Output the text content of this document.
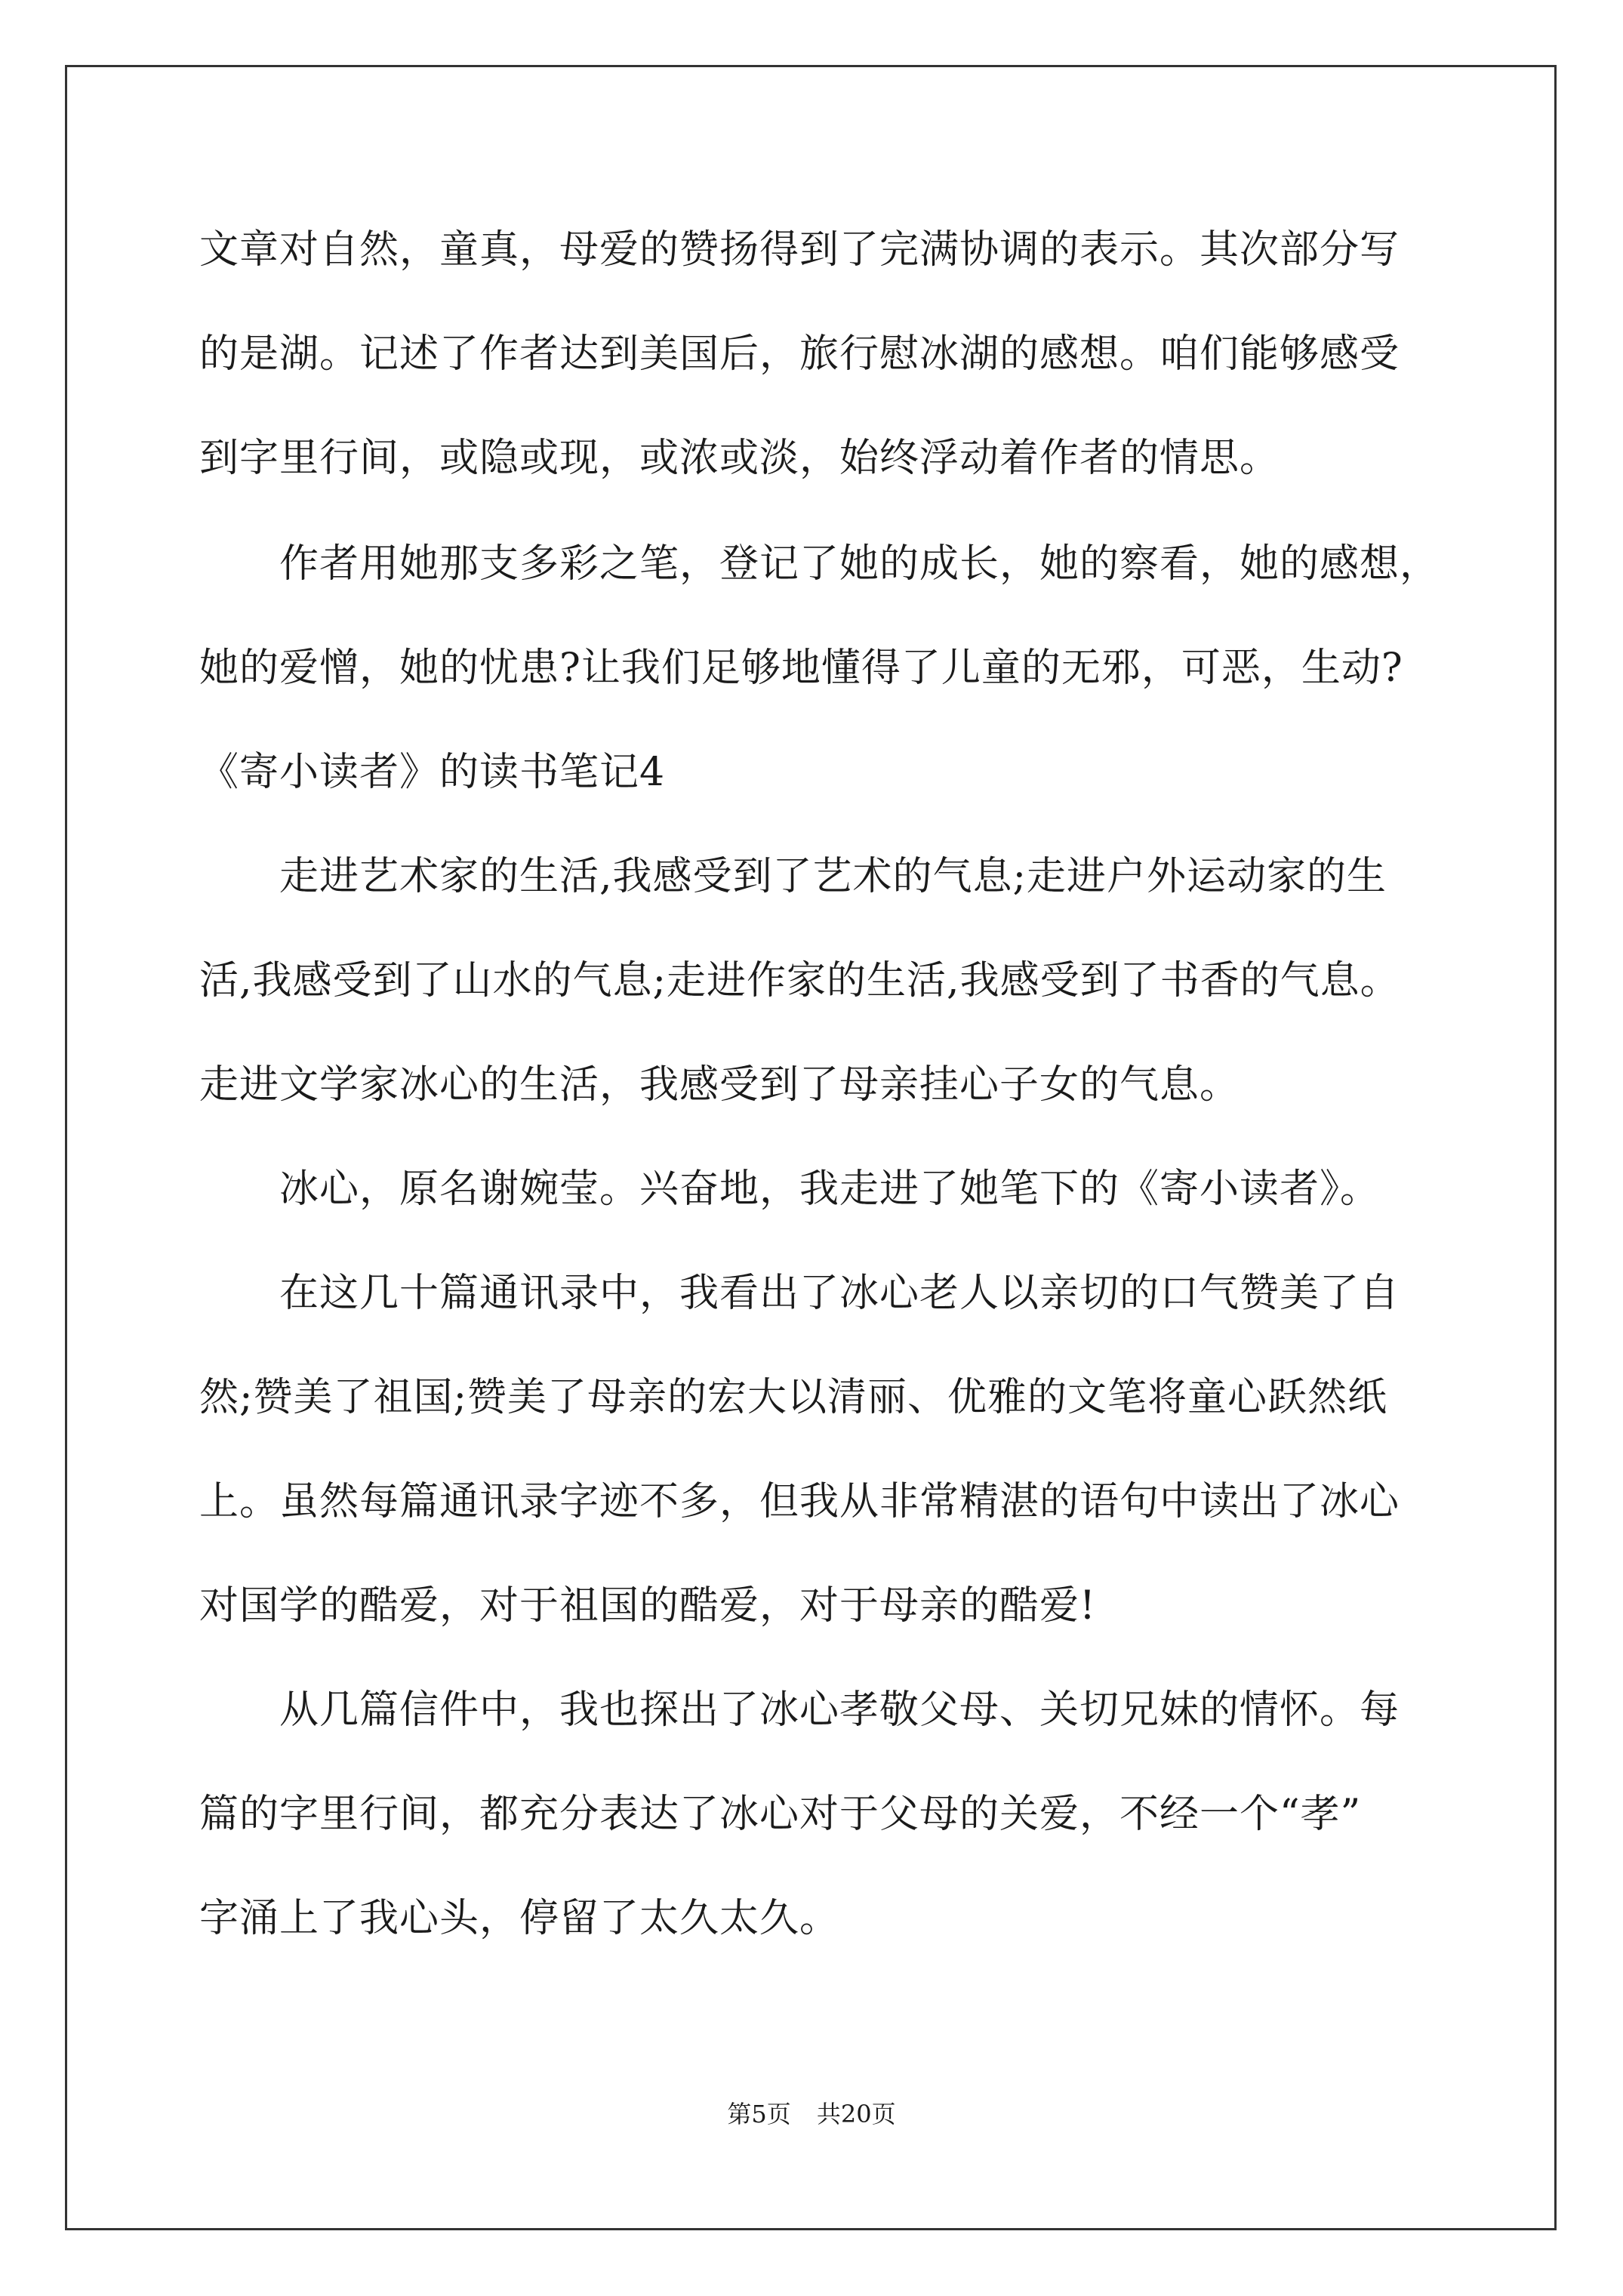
文章对自然，童真，母爱的赞扬得到了完满协调的表示。其次部分写
的是湖。记述了作者达到美国后，旅行慰冰湖的感想。咱们能够感受
到字里行间，或隐或现，或浓或淡，始终浮动着作者的情思。
　　作者用她那支多彩之笔，登记了她的成长，她的察看，她的感想，
她的爱憎，她的忧患?让我们足够地懂得了儿童的无邪，可恶，生动?
《寄小读者》的读书笔记4
　　走进艺术家的生活,我感受到了艺术的气息;走进户外运动家的生
活,我感受到了山水的气息;走进作家的生活,我感受到了书香的气息。
走进文学家冰心的生活，我感受到了母亲挂心子女的气息。
　　冰心，原名谢婉莹。兴奋地，我走进了她笔下的《寄小读者》。
　　在这几十篇通讯录中，我看出了冰心老人以亲切的口气赞美了自
然;赞美了祖国;赞美了母亲的宏大以清丽、优雅的文笔将童心跃然纸
上。虽然每篇通讯录字迹不多，但我从非常精湛的语句中读出了冰心
对国学的酷爱，对于祖国的酷爱，对于母亲的酷爱!
　　从几篇信件中，我也探出了冰心孝敬父母、关切兄妹的情怀。每
篇的字里行间，都充分表达了冰心对于父母的关爱，不经一个“孝”
字涌上了我心头，停留了太久太久。
第5页 共20页
